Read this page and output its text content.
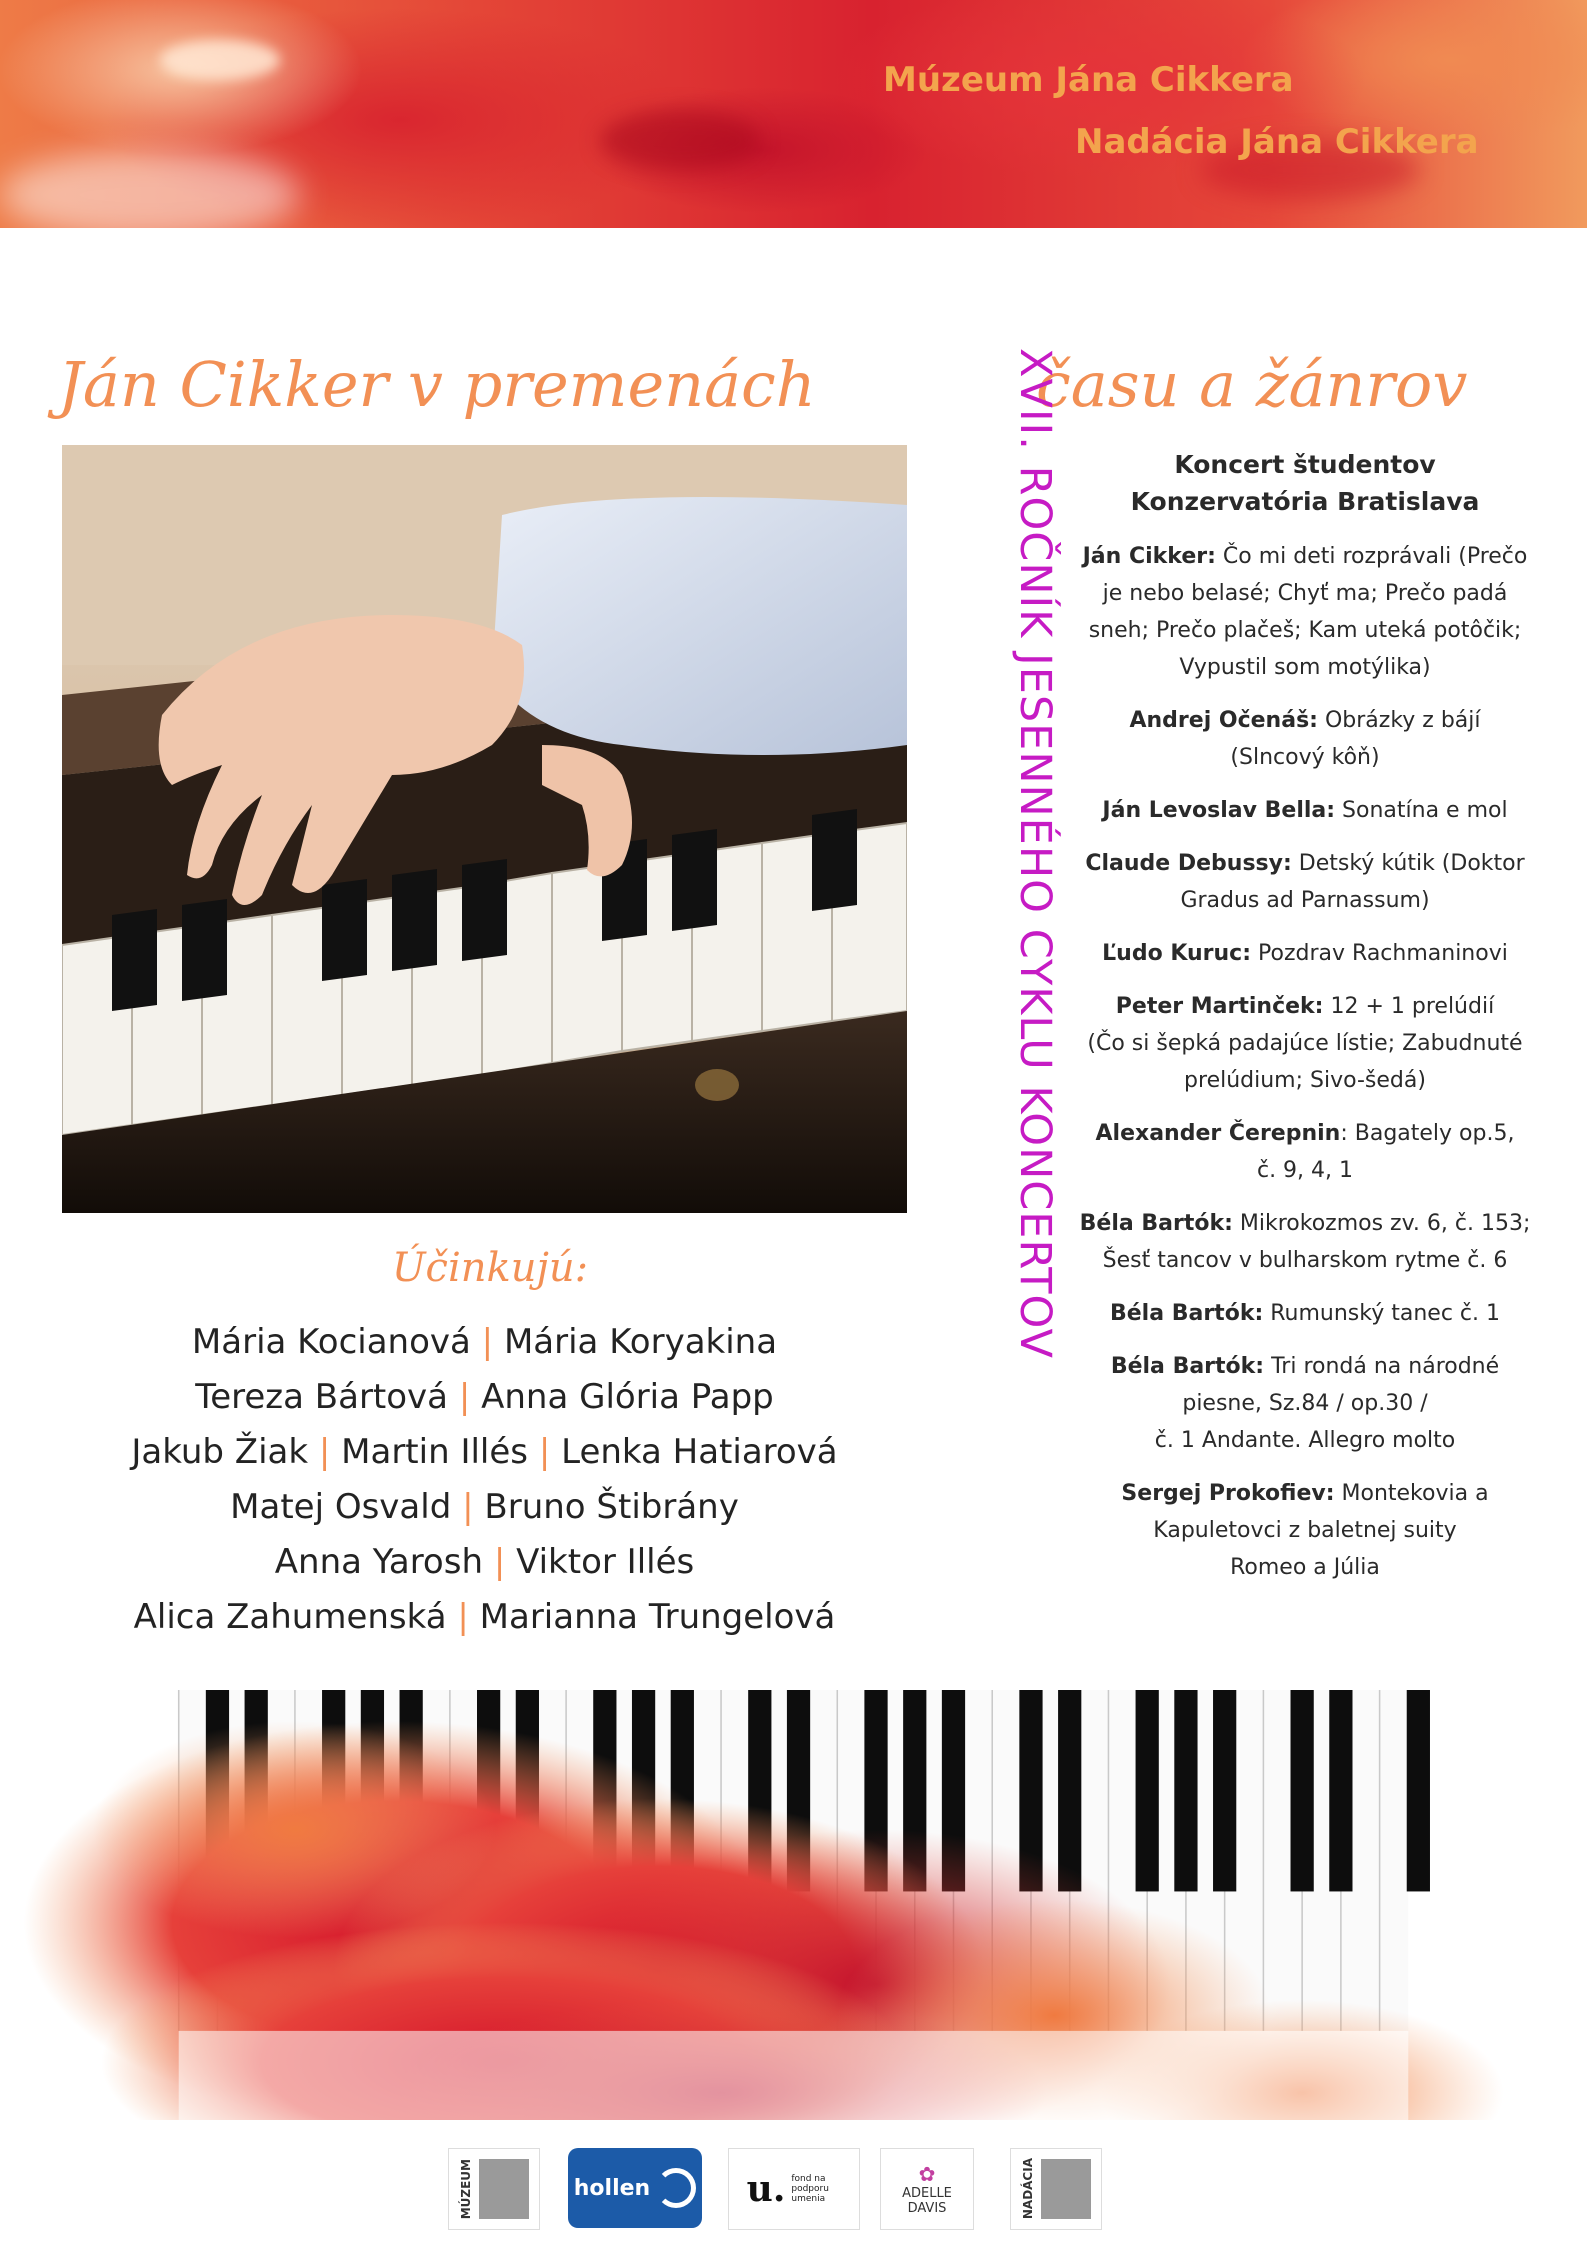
Múzeum Jána Cikkera
Nadácia Jána Cikkera
Ján Cikker v premenách	času a žánrov
XVII. ROČNÍK JESENNÉHO CYKLU KONCERTOV	Koncert študentov
Konzervatória Bratislava
Ján Cikker: Čo mi deti rozprávali (Prečo
je nebo belasé; Chyť ma; Prečo padá
sneh; Prečo plačeš; Kam uteká potôčik;
Vypustil som motýlika)
Andrej Očenáš: Obrázky z bájí
(Slncový kôň)
Ján Levoslav Bella: Sonatína e mol
Claude Debussy: Detský kútik (Doktor
Gradus ad Parnassum)
Ľudo Kuruc: Pozdrav Rachmaninovi
Peter Martinček: 12 + 1 prelúdií
(Čo si šepká padajúce lístie; Zabudnuté
prelúdium; Sivo-šedá)
Alexander Čerepnin: Bagately op.5,
č. 9, 4, 1
Béla Bartók: Mikrokozmos zv. 6, č. 153;
Šesť tancov v bulharskom rytme č. 6
Béla Bartók: Rumunský tanec č. 1
Béla Bartók: Tri rondá na národné
piesne, Sz.84 / op.30 /
č. 1 Andante. Allegro molto
Sergej Prokofiev: Montekovia a
Kapuletovci z baletnej suity
Romeo a Júlia
Účinkujú:
Mária Kocianová | Mária Koryakina
Tereza Bártová | Anna Glória Papp
Jakub Žiak | Martin Illés | Lenka Hatiarová
Matej Osvald | Bruno Štibrány
Anna Yarosh | Viktor Illés
Alica Zahumenská | Marianna Trungelová
MÚZEUM	hollen	u. fond na podporu umenia
✿
ADELLE
DAVIS	NADÁCIA
